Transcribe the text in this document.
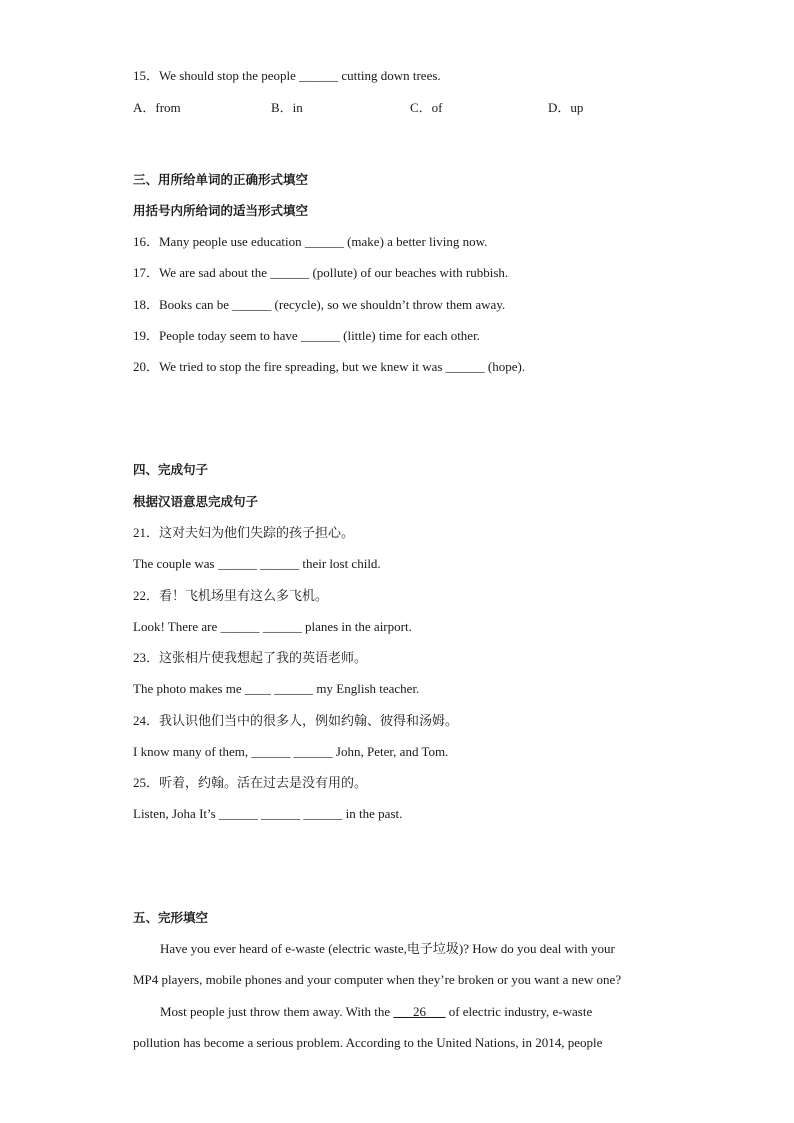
15．We should stop the people ______ cutting down trees.
A．from	B．in	C．of	D．up
三、用所给单词的正确形式填空
用括号内所给词的适当形式填空
16．Many people use education ______ (make) a better living now.
17．We are sad about the ______ (pollute) of our beaches with rubbish.
18．Books can be ______ (recycle), so we shouldn’t throw them away.
19．People today seem to have ______ (little) time for each other.
20．We tried to stop the fire spreading, but we knew it was ______ (hope).
四、完成句子
根据汉语意思完成句子
21．这对夫妇为他们失踪的孩子担心。
The couple was ______ ______ their lost child.
22．看！飞机场里有这么多飞机。
Look! There are ______ ______ planes in the airport.
23．这张相片使我想起了我的英语老师。
The photo makes me ____ ______ my English teacher.
24．我认识他们当中的很多人，例如约翰、彼得和汤姆。
I know many of them, ______ ______ John, Peter, and Tom.
25．听着，约翰。活在过去是没有用的。
Listen, Joha It’s ______ ______ ______ in the past.
五、完形填空
Have you ever heard of e-waste (electric waste,电子垃圾)? How do you deal with your
MP4 players, mobile phones and your computer when they’re broken or you want a new one?
Most people just throw them away. With the ___26___ of electric industry, e-waste
pollution has become a serious problem. According to the United Nations, in 2014, people
